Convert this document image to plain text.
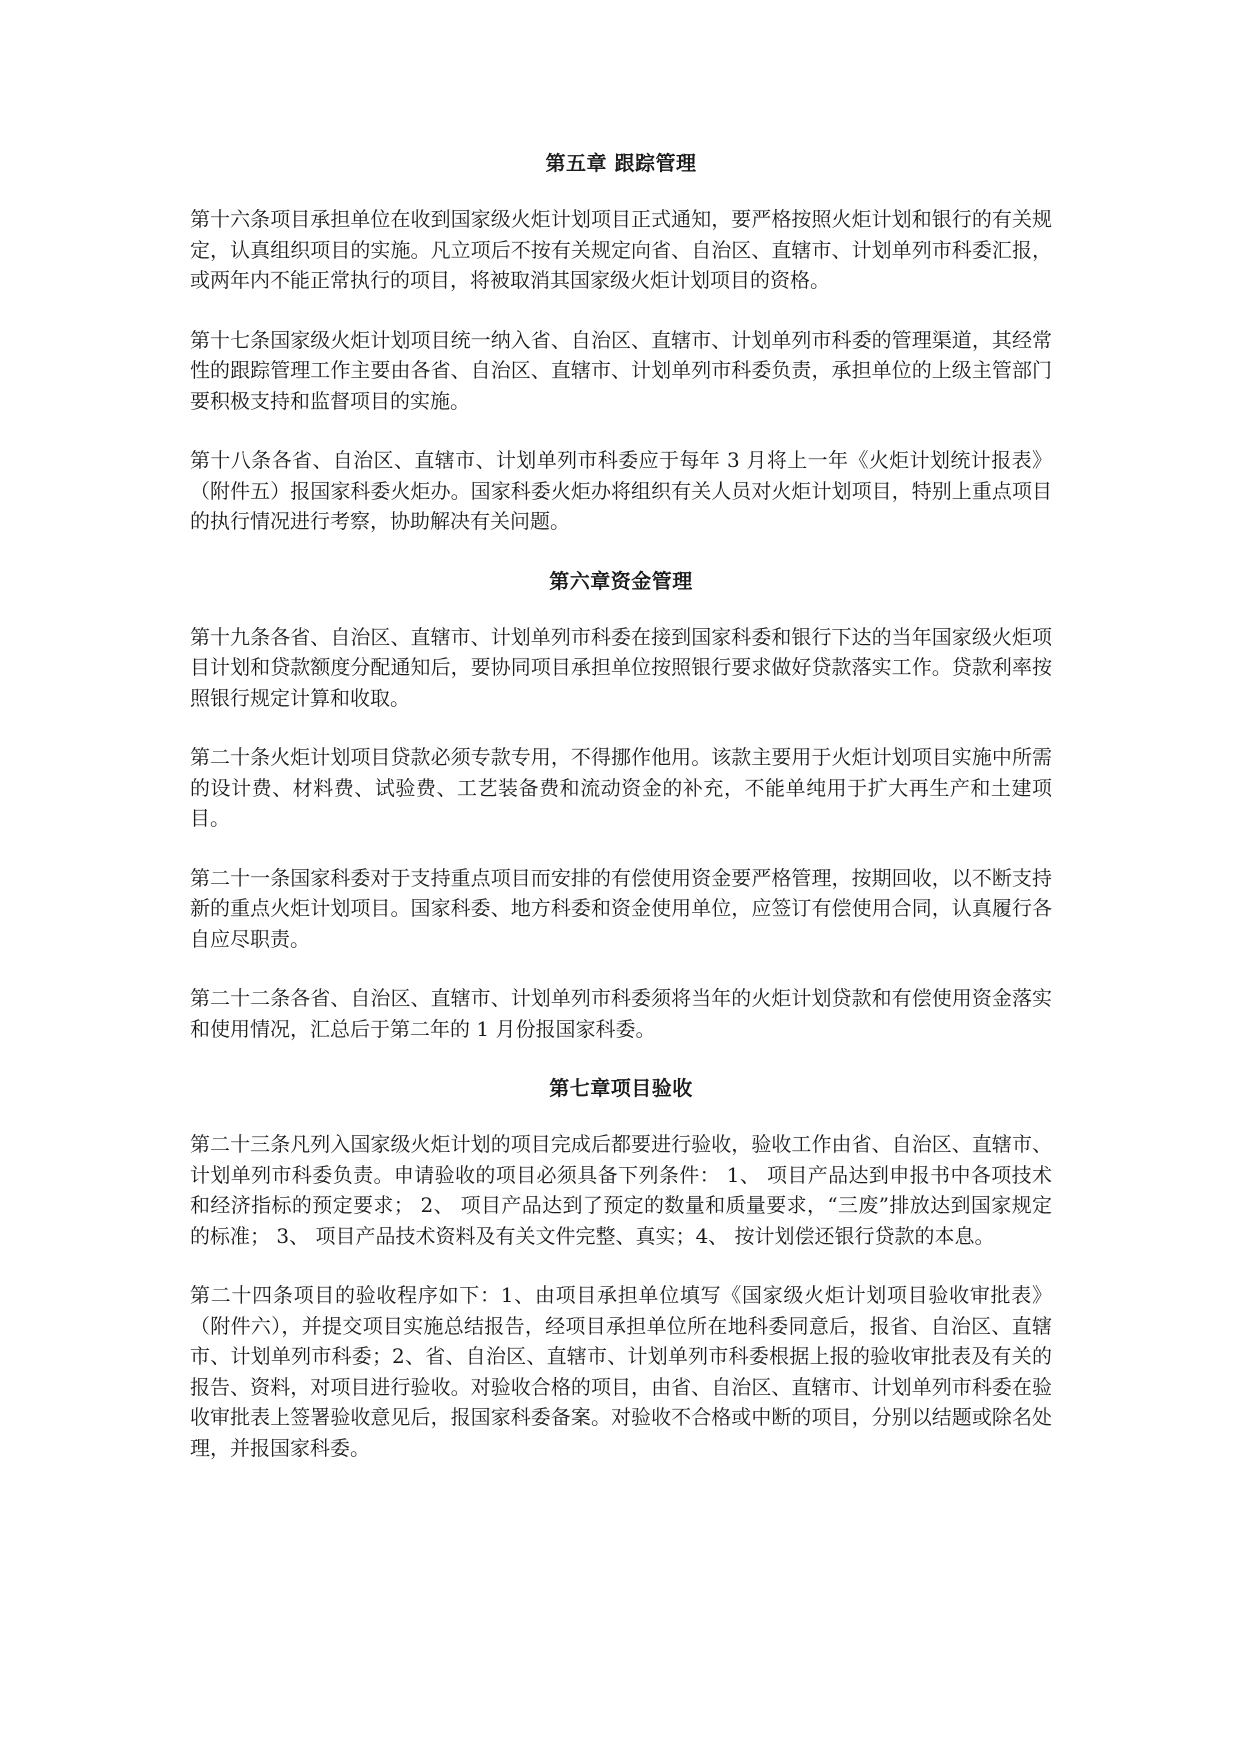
第五章 跟踪管理

第十六条项目承担单位在收到国家级火炬计划项目正式通知，要严格按照火炬计划和银行的有关规定，认真组织项目的实施。凡立项后不按有关规定向省、自治区、直辖市、计划单列市科委汇报，或两年内不能正常执行的项目，将被取消其国家级火炬计划项目的资格。

第十七条国家级火炬计划项目统一纳入省、自治区、直辖市、计划单列市科委的管理渠道，其经常性的跟踪管理工作主要由各省、自治区、直辖市、计划单列市科委负责，承担单位的上级主管部门要积极支持和监督项目的实施。

第十八条各省、自治区、直辖市、计划单列市科委应于每年 3 月将上一年《火炬计划统计报表》（附件五）报国家科委火炬办。国家科委火炬办将组织有关人员对火炬计划项目，特别上重点项目的执行情况进行考察，协助解决有关问题。

第六章资金管理

第十九条各省、自治区、直辖市、计划单列市科委在接到国家科委和银行下达的当年国家级火炬项目计划和贷款额度分配通知后，要协同项目承担单位按照银行要求做好贷款落实工作。贷款利率按照银行规定计算和收取。

第二十条火炬计划项目贷款必须专款专用，不得挪作他用。该款主要用于火炬计划项目实施中所需的设计费、材料费、试验费、工艺装备费和流动资金的补充，不能单纯用于扩大再生产和土建项目。

第二十一条国家科委对于支持重点项目而安排的有偿使用资金要严格管理，按期回收，以不断支持新的重点火炬计划项目。国家科委、地方科委和资金使用单位，应签订有偿使用合同，认真履行各自应尽职责。

第二十二条各省、自治区、直辖市、计划单列市科委须将当年的火炬计划贷款和有偿使用资金落实和使用情况，汇总后于第二年的 1 月份报国家科委。

第七章项目验收

第二十三条凡列入国家级火炬计划的项目完成后都要进行验收，验收工作由省、自治区、直辖市、计划单列市科委负责。申请验收的项目必须具备下列条件： 1、 项目产品达到申报书中各项技术和经济指标的预定要求； 2、 项目产品达到了预定的数量和质量要求，“三废”排放达到国家规定的标准； 3、 项目产品技术资料及有关文件完整、真实；4、 按计划偿还银行贷款的本息。

第二十四条项目的验收程序如下：1、由项目承担单位填写《国家级火炬计划项目验收审批表》（附件六），并提交项目实施总结报告，经项目承担单位所在地科委同意后，报省、自治区、直辖市、计划单列市科委；2、省、自治区、直辖市、计划单列市科委根据上报的验收审批表及有关的报告、资料，对项目进行验收。对验收合格的项目，由省、自治区、直辖市、计划单列市科委在验收审批表上签署验收意见后，报国家科委备案。对验收不合格或中断的项目，分别以结题或除名处理，并报国家科委。
